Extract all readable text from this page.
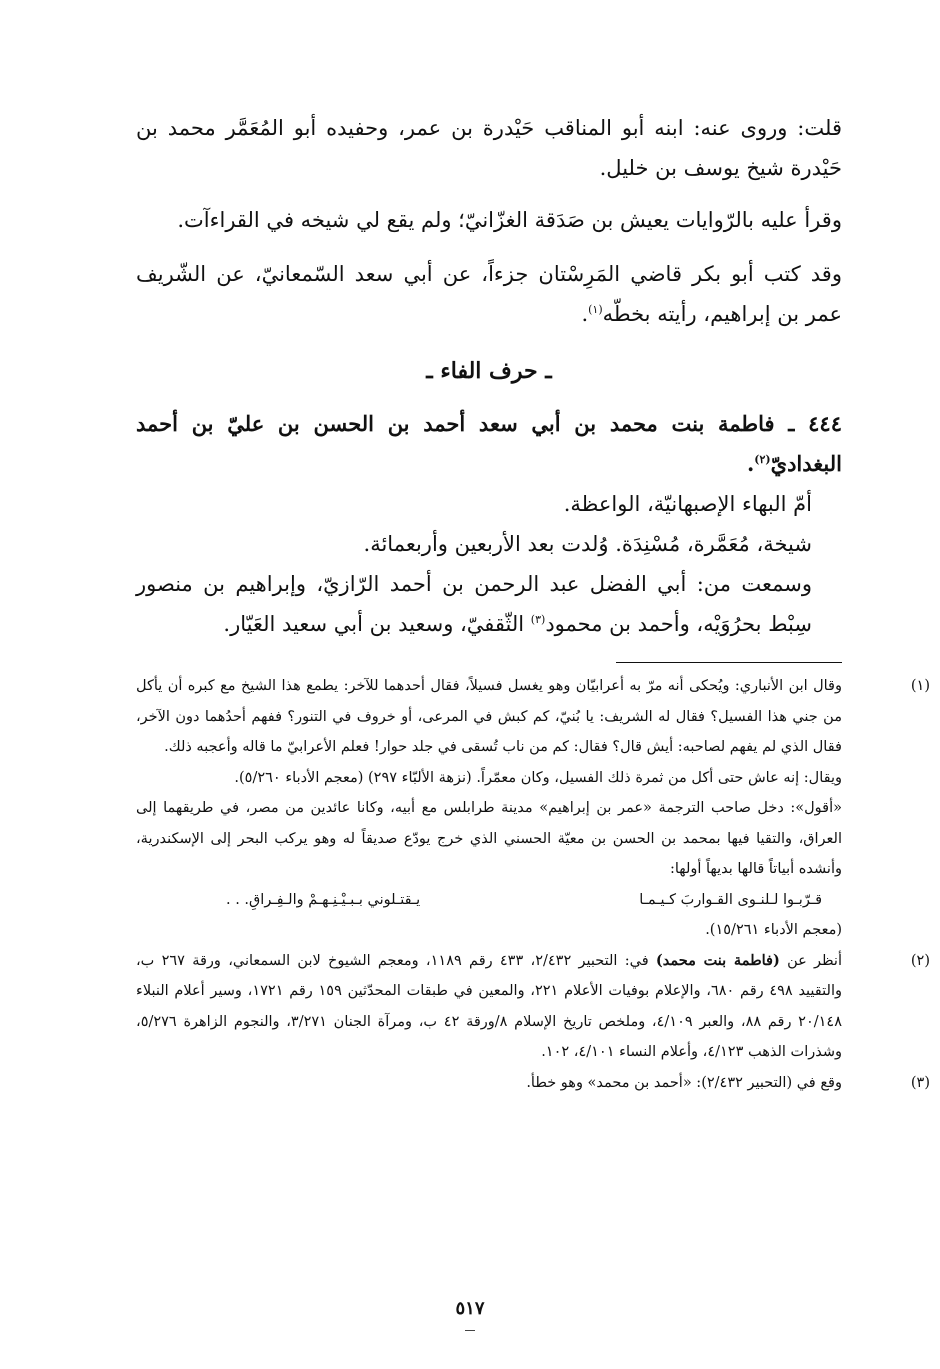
قلت: وروى عنه: ابنه أبو المناقب حَيْدرة بن عمر، وحفيده أبو المُعَمَّر محمد بن حَيْدرة شيخ يوسف بن خليل.

وقرأ عليه بالرّوايات يعيش بن صَدَقة الغزّانيّ؛ ولم يقع لي شيخه في القراءآت.

وقد كتب أبو بكر قاضي المَرِسْتان جزءاً، عن أبي سعد السّمعانيّ، عن الشّريف عمر بن إبراهيم، رأيته بخطّه$^{(١)}$.

ـ حرف الفاء ـ

٤٤٤ ـ فاطمة بنت محمد بن أبي سعد أحمد بن الحسن بن عليّ بن أحمد البغداديّ$^{(٢)}$.

أمّ البهاء الإصبهانيّة، الواعظة.

شيخة، مُعَمَّرة، مُسْنِدَة. وُلدت بعد الأربعين وأربعمائة.

وسمعت من: أبي الفضل عبد الرحمن بن أحمد الرّازيّ، وإبراهيم بن منصور سِبْط بحرُوَيْه، وأحمد بن محمود$^{(٣)}$ الثّقفيّ، وسعيد بن أبي سعيد العَيّار.

(١)

وقال ابن الأنباري: ويُحكى أنه مرّ به أعرابيّان وهو يغسل فسيلاً، فقال أحدهما للآخر: يطمع هذا الشيخ مع كبره أن يأكل من جني هذا الفسيل؟ فقال له الشريف: يا بُنيّ، كم كبش في المرعى، أو خروف في التنور؟ ففهم أحدُهما دون الآخر، فقال الذي لم يفهم لصاحبه: أيش قال؟ فقال: كم من ناب تُسقى في جلد حوار! فعلم الأعرابيّ ما قاله وأعجبه ذلك.

ويقال: إنه عاش حتى أكل من ثمرة ذلك الفسيل، وكان معمّراً. (نزهة الألبّاء ٢٩٧) (معجم الأدباء ٥/٢٦٠).

«أقول»: دخل صاحب الترجمة «عمر بن إبراهيم» مدينة طرابلس مع أبيه، وكانا عائدين من مصر، في طريقهما إلى العراق، والتقيا فيها بمحمد بن الحسن بن معيّة الحسني الذي خرج يودّع صديقاً له وهو يركب البحر إلى الإسكندرية، وأنشده أبياتاً قالها بديهاً أولها:

قـرّبـوا لـلنـوى القـواربَ كـيـمـا
يـقتـلوني بـبـيْـنِـهـمْ والـفِـراقِ. . .

(معجم الأدباء ١٥/٢٦١).

(٢)

أنظر عن (فاطمة بنت محمد) في: التحبير ٢/٤٣٢، ٤٣٣ رقم ١١٨٩، ومعجم الشيوخ لابن السمعاني، ورقة ٢٦٧ ب، والتقييد ٤٩٨ رقم ٦٨٠، والإعلام بوفيات الأعلام ٢٢١، والمعين في طبقات المحدّثين ١٥٩ رقم ١٧٢١، وسير أعلام النبلاء ٢٠/١٤٨ رقم ٨٨، والعبر ٤/١٠٩، وملخص تاريخ الإسلام ٨/ورقة ٤٢ ب، ومرآة الجنان ٣/٢٧١، والنجوم الزاهرة ٥/٢٧٦، وشذرات الذهب ٤/١٢٣، وأعلام النساء ٤/١٠١، ١٠٢.

(٣)

وقع في (التحبير ٢/٤٣٢): «أحمد بن محمد» وهو خطأ.

٥١٧
